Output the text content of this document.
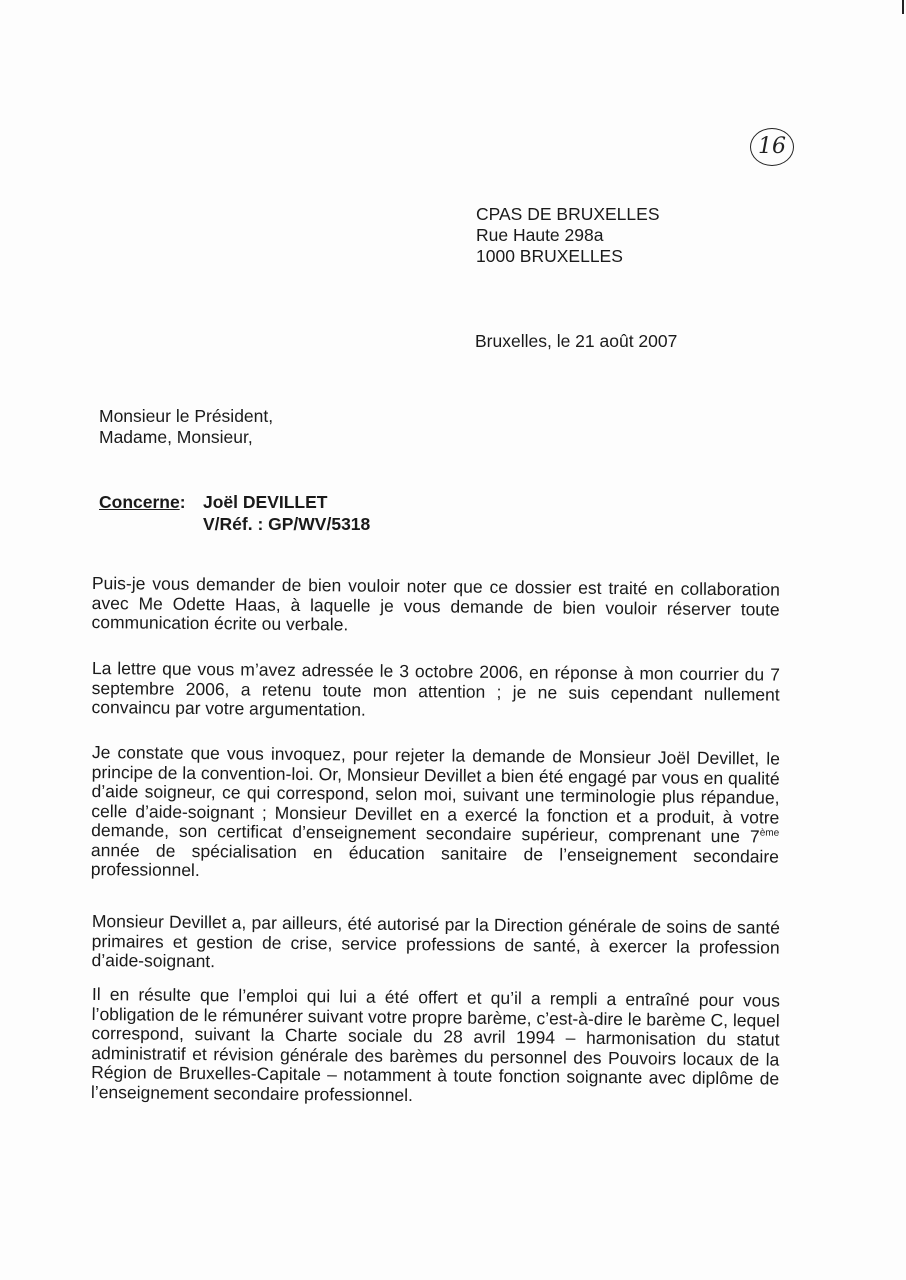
16
CPAS DE BRUXELLES
Rue Haute 298a
1000 BRUXELLES
Bruxelles, le 21 août 2007
Monsieur le Président,
Madame, Monsieur,
Concerne: Joël DEVILLET
V/Réf. : GP/WV/5318
Puis-je vous demander de bien vouloir noter que ce dossier est traité en collaboration avec Me Odette Haas, à laquelle je vous demande de bien vouloir réserver toute communication écrite ou verbale.
La lettre que vous m’avez adressée le 3 octobre 2006, en réponse à mon courrier du 7 septembre 2006, a retenu toute mon attention ; je ne suis cependant nullement convaincu par votre argumentation.
Je constate que vous invoquez, pour rejeter la demande de Monsieur Joël Devillet, le principe de la convention-loi. Or, Monsieur Devillet a bien été engagé par vous en qualité d’aide soigneur, ce qui correspond, selon moi, suivant une terminologie plus répandue, celle d’aide-soignant ; Monsieur Devillet en a exercé la fonction et a produit, à votre demande, son certificat d’enseignement secondaire supérieur, comprenant une 7ème année de spécialisation en éducation sanitaire de l’enseignement secondaire professionnel.
Monsieur Devillet a, par ailleurs, été autorisé par la Direction générale de soins de santé primaires et gestion de crise, service professions de santé, à exercer la profession d’aide-soignant.
Il en résulte que l’emploi qui lui a été offert et qu’il a rempli a entraîné pour vous l’obligation de le rémunérer suivant votre propre barème, c’est-à-dire le barème C, lequel correspond, suivant la Charte sociale du 28 avril 1994 – harmonisation du statut administratif et révision générale des barèmes du personnel des Pouvoirs locaux de la Région de Bruxelles-Capitale – notamment à toute fonction soignante avec diplôme de l’enseignement secondaire professionnel.
